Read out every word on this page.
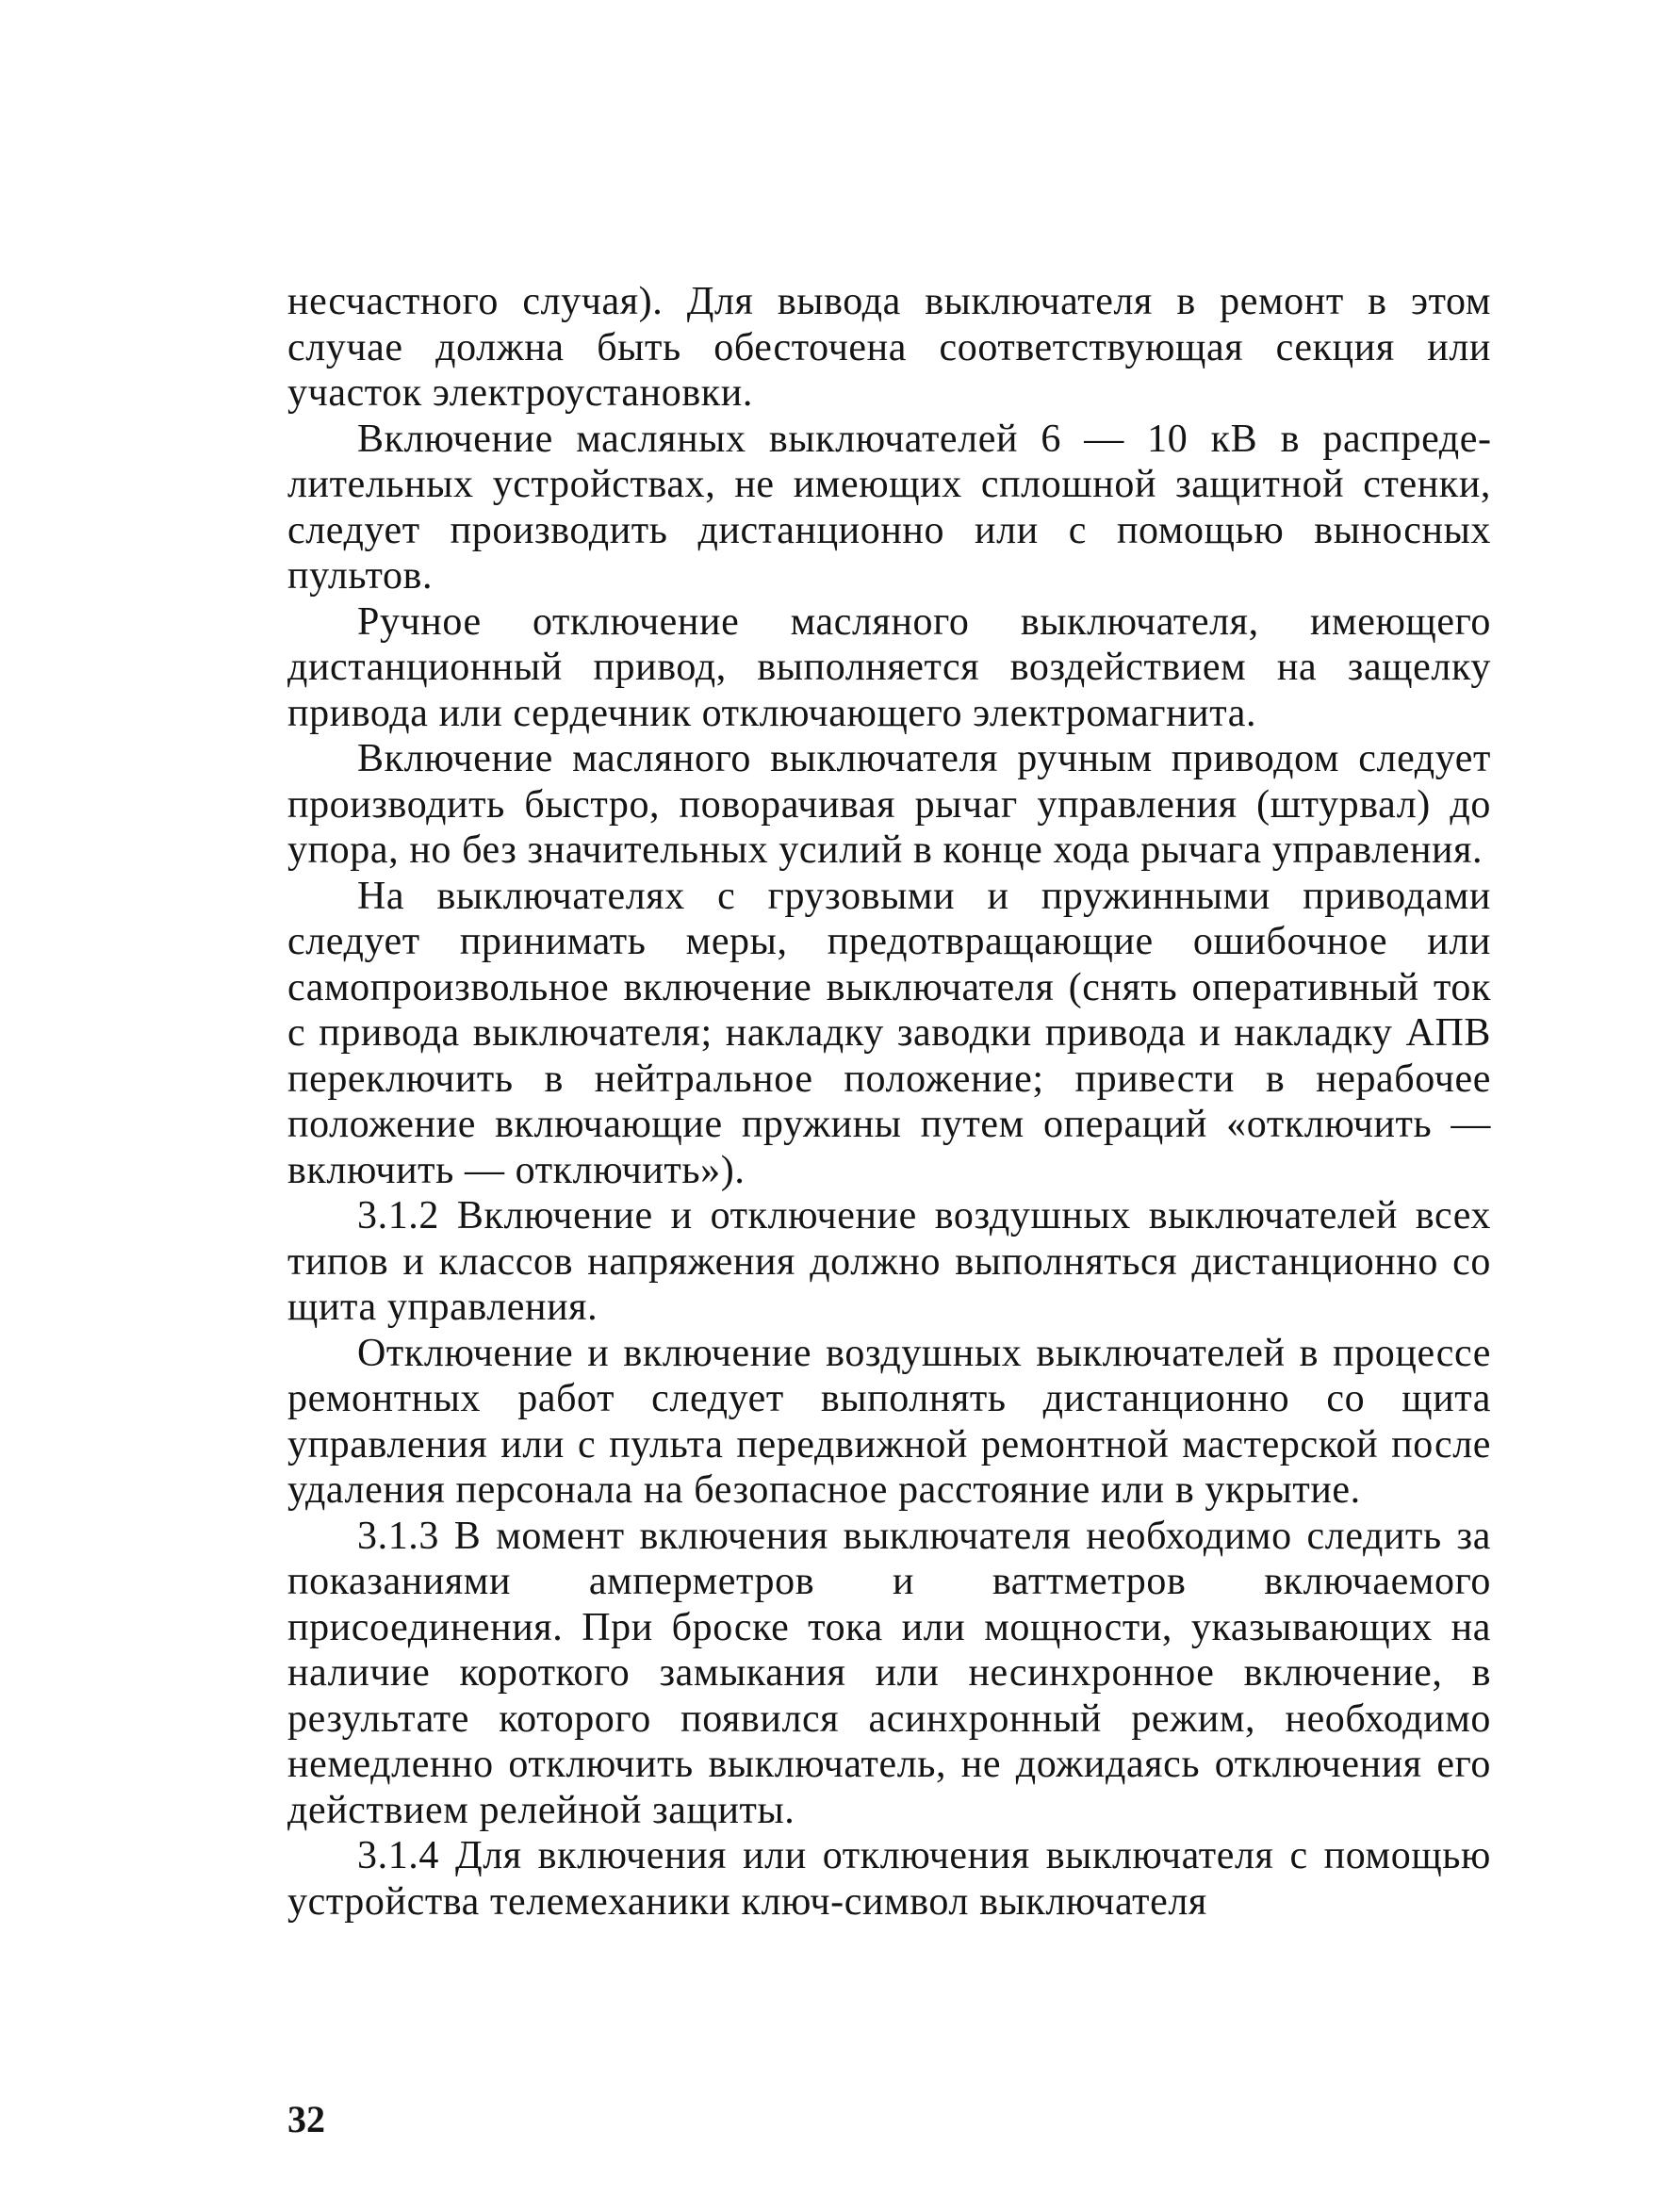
несчастного случая). Для вывода выключателя в ремонт в этом случае должна быть обесточена соответствующая секция или участок электроустановки.

Включение масляных выключателей 6 — 10 кВ в распределительных устройствах, не имеющих сплошной защитной стенки, следует производить дистанционно или с помощью выносных пультов.

Ручное отключение масляного выключателя, имеющего дистанционный привод, выполняется воздействием на защелку привода или сердечник отключающего электромагнита.

Включение масляного выключателя ручным приводом следует производить быстро, поворачивая рычаг управления (штурвал) до упора, но без значительных усилий в конце хода рычага управления.

На выключателях с грузовыми и пружинными приводами следует принимать меры, предотвращающие ошибочное или самопроизвольное включение выключателя (снять оперативный ток с привода выключателя; накладку заводки привода и накладку АПВ переключить в нейтральное положение; привести в нерабочее положение включающие пружины путем операций «отключить — включить — отключить»).

3.1.2 Включение и отключение воздушных выключателей всех типов и классов напряжения должно выполняться дистанционно со щита управления.

Отключение и включение воздушных выключателей в процессе ремонтных работ следует выполнять дистанционно со щита управления или с пульта передвижной ремонтной мастерской после удаления персонала на безопасное расстояние или в укрытие.

3.1.3 В момент включения выключателя необходимо следить за показаниями амперметров и ваттметров включаемого присоединения. При броске тока или мощности, указывающих на наличие короткого замыкания или несинхронное включение, в результате которого появился асинхронный режим, необходимо немедленно отключить выключатель, не дожидаясь отключения его действием релейной защиты.

3.1.4 Для включения или отключения выключателя с помощью устройства телемеханики ключ-символ выключателя

32
